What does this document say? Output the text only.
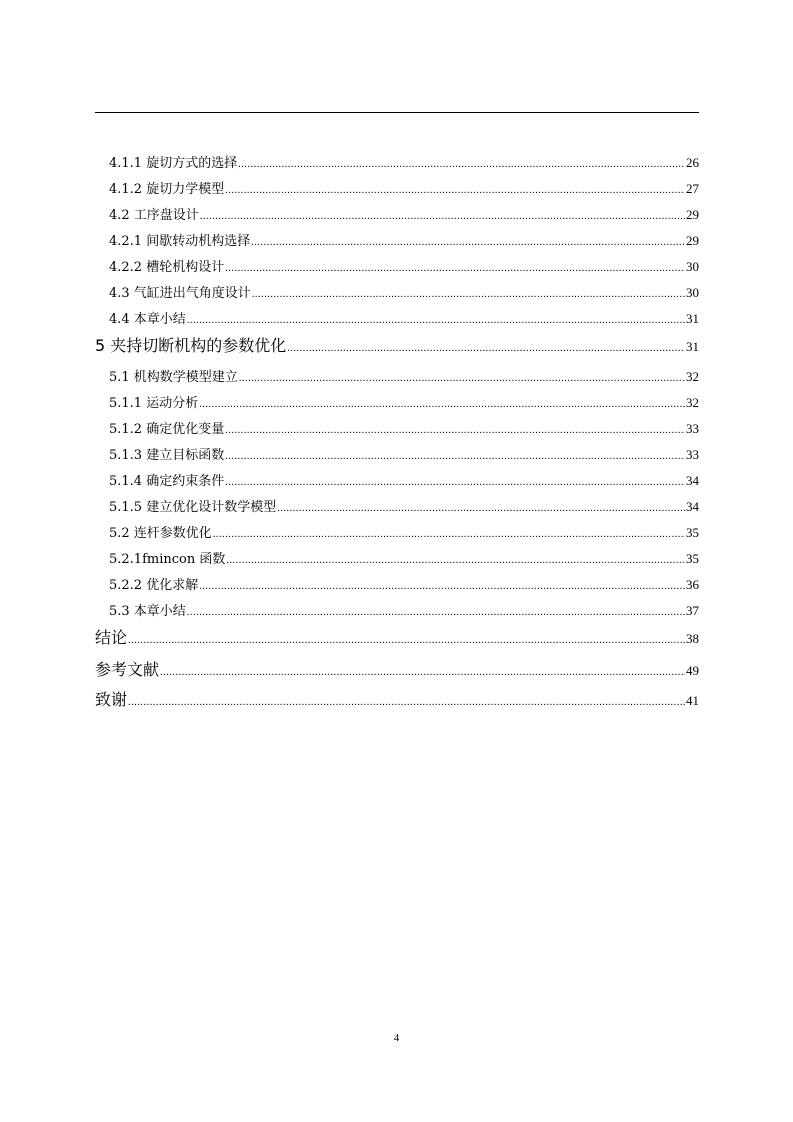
4.1.1 旋切方式的选择 .....	26
4.1.2 旋切力学模型 .....	27
4.2 工序盘设计 .....	29
4.2.1 间歇转动机构选择 .....	29
4.2.2 槽轮机构设计 .....	30
4.3 气缸进出气角度设计 .....	30
4.4 本章小结 .....	31
5 夹持切断机构的参数优化 .....	31
5.1 机构数学模型建立 .....	32
5.1.1 运动分析 .....	32
5.1.2 确定优化变量 .....	33
5.1.3 建立目标函数 .....	33
5.1.4 确定约束条件 .....	34
5.1.5 建立优化设计数学模型 .....	34
5.2 连杆参数优化 .....	35
5.2.1fmincon 函数 .....	35
5.2.2 优化求解 .....	36
5.3 本章小结 .....	37
结论 .....	38
参考文献 .....	49
致谢 .....	41
4
